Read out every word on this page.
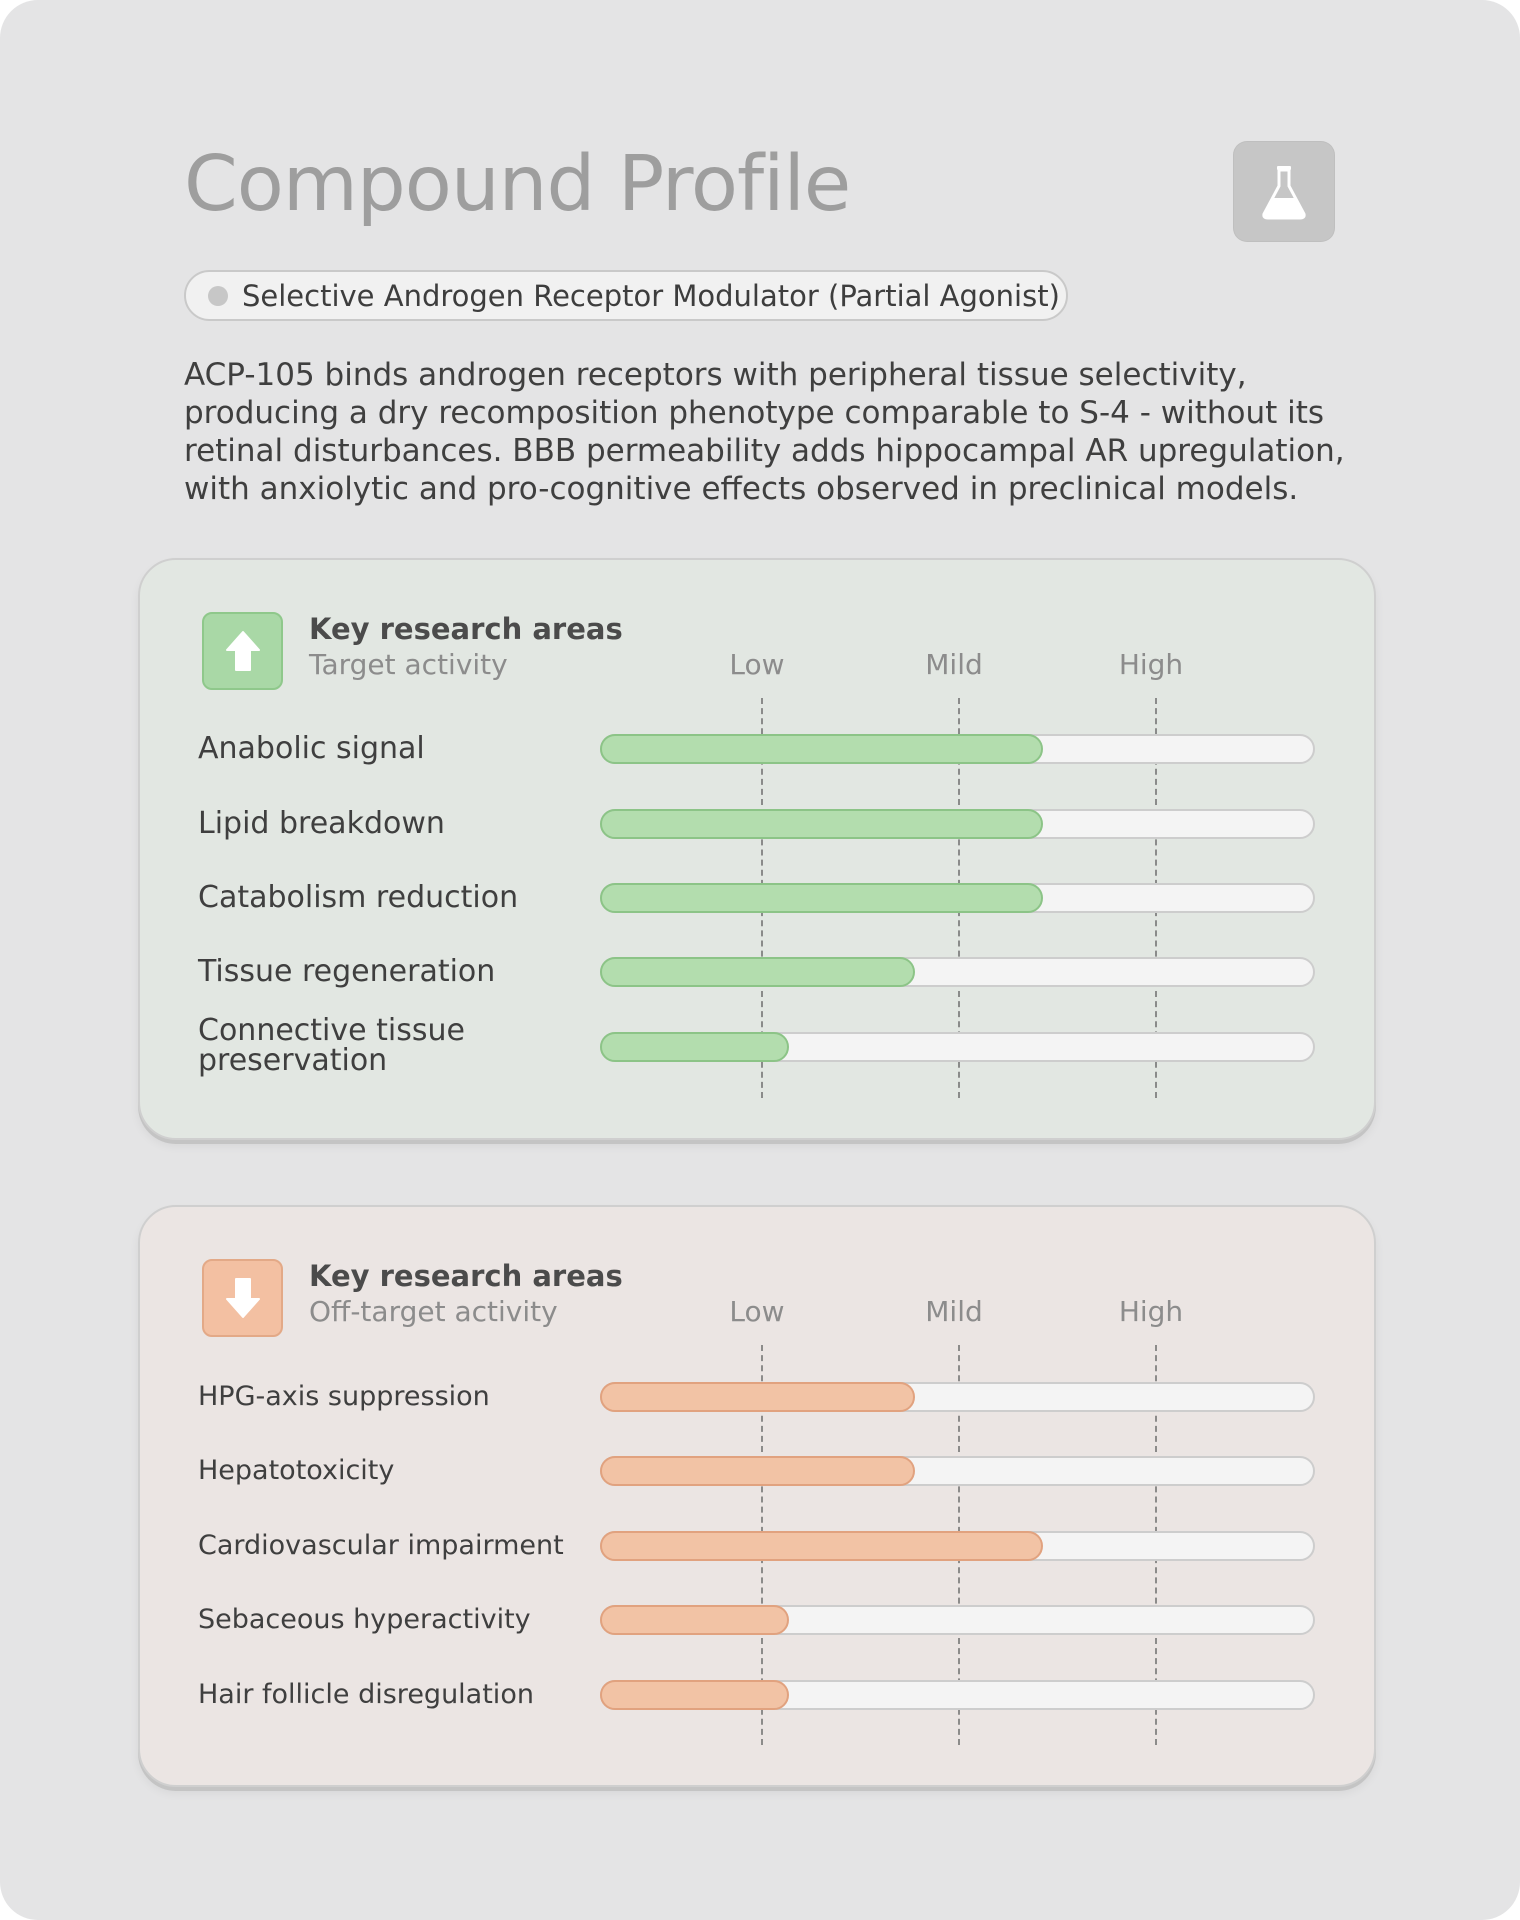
Compound Profile
Selective Androgen Receptor Modulator (Partial Agonist)

ACP-105 binds androgen receptors with peripheral tissue selectivity, producing a dry recomposition phenotype comparable to S-4 - without its retinal disturbances. BBB permeability adds hippocampal AR upregulation, with anxiolytic and pro-cognitive effects observed in preclinical models.

Key research areas
Target activity	Low	Mild	High
Anabolic signal
Lipid breakdown
Catabolism reduction
Tissue regeneration
Connective tissue preservation
Key research areas
Off-target activity	Low	Mild	High
HPG-axis suppression
Hepatotoxicity
Cardiovascular impairment
Sebaceous hyperactivity
Hair follicle disregulation
